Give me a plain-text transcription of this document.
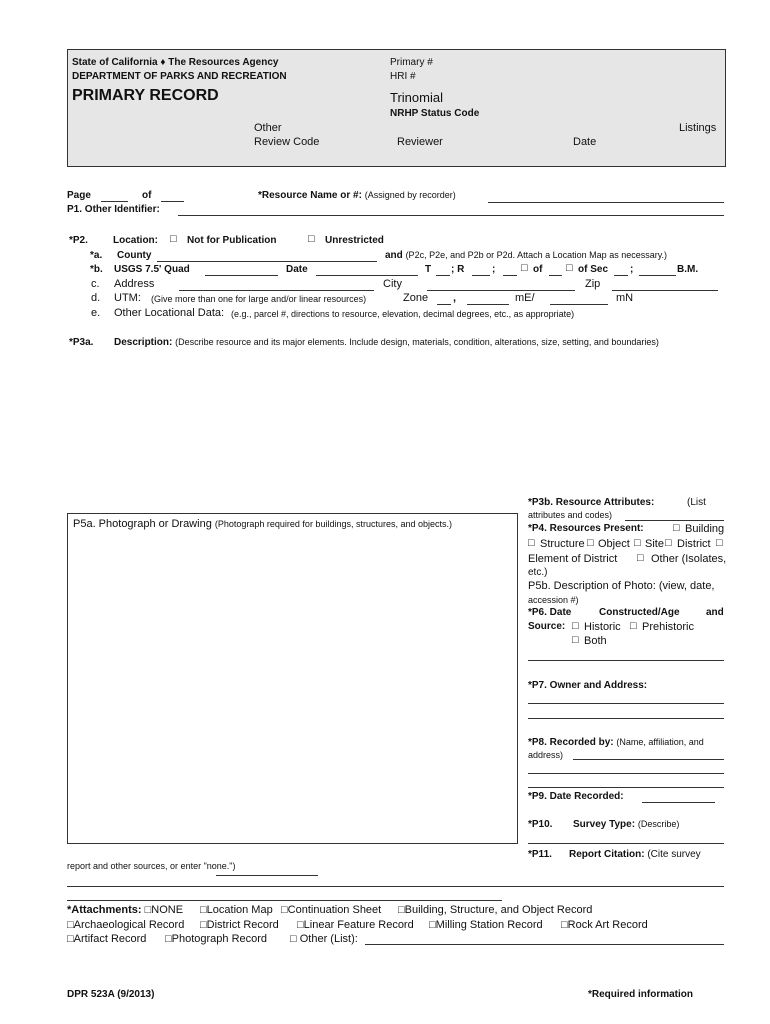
State of California ♦ The Resources Agency
DEPARTMENT OF PARKS AND RECREATION
PRIMARY RECORD
Primary #
HRI #
Trinomial
NRHP Status Code
Other	Listings
Review Code	Reviewer	Date
Page	of	*Resource Name or #: (Assigned by recorder)
P1. Other Identifier:
*P2.	Location: □ Not for Publication	□ Unrestricted
*a. County	and (P2c, P2e, and P2b or P2d. Attach a Location Map as necessary.)
*b. USGS 7.5' Quad	Date	T ; R	; □ of □ of Sec ;	B.M.
c. Address	City	Zip
d. UTM: (Give more than one for large and/or linear resources)	Zone ,	mE/	mN
e. Other Locational Data: (e.g., parcel #, directions to resource, elevation, decimal degrees, etc., as appropriate)
*P3a. Description: (Describe resource and its major elements. Include design, materials, condition, alterations, size, setting, and boundaries)
P5a. Photograph or Drawing (Photograph required for buildings, structures, and objects.)
*P3b. Resource Attributes:	(List
attributes and codes)
*P4. Resources Present:	□ Building
□ Structure □ Object □ Site □ District □
Element of District □ Other (Isolates,
etc.)
P5b. Description of Photo: (view, date,
accession #)
*P6. Date	Constructed/Age	and
Source: □ Historic □ Prehistoric
□ Both
*P7. Owner and Address:
*P8. Recorded by: (Name, affiliation, and
address)
*P9. Date Recorded:
*P10. Survey Type: (Describe)
*P11. Report Citation: (Cite survey
report and other sources, or enter "none.")
*Attachments: □NONE □Location Map □Continuation Sheet □Building, Structure, and Object Record
□Archaeological Record □District Record □Linear Feature Record □Milling Station Record □Rock Art Record
□Artifact Record □Photograph Record □ Other (List):
DPR 523A (9/2013)	*Required information
